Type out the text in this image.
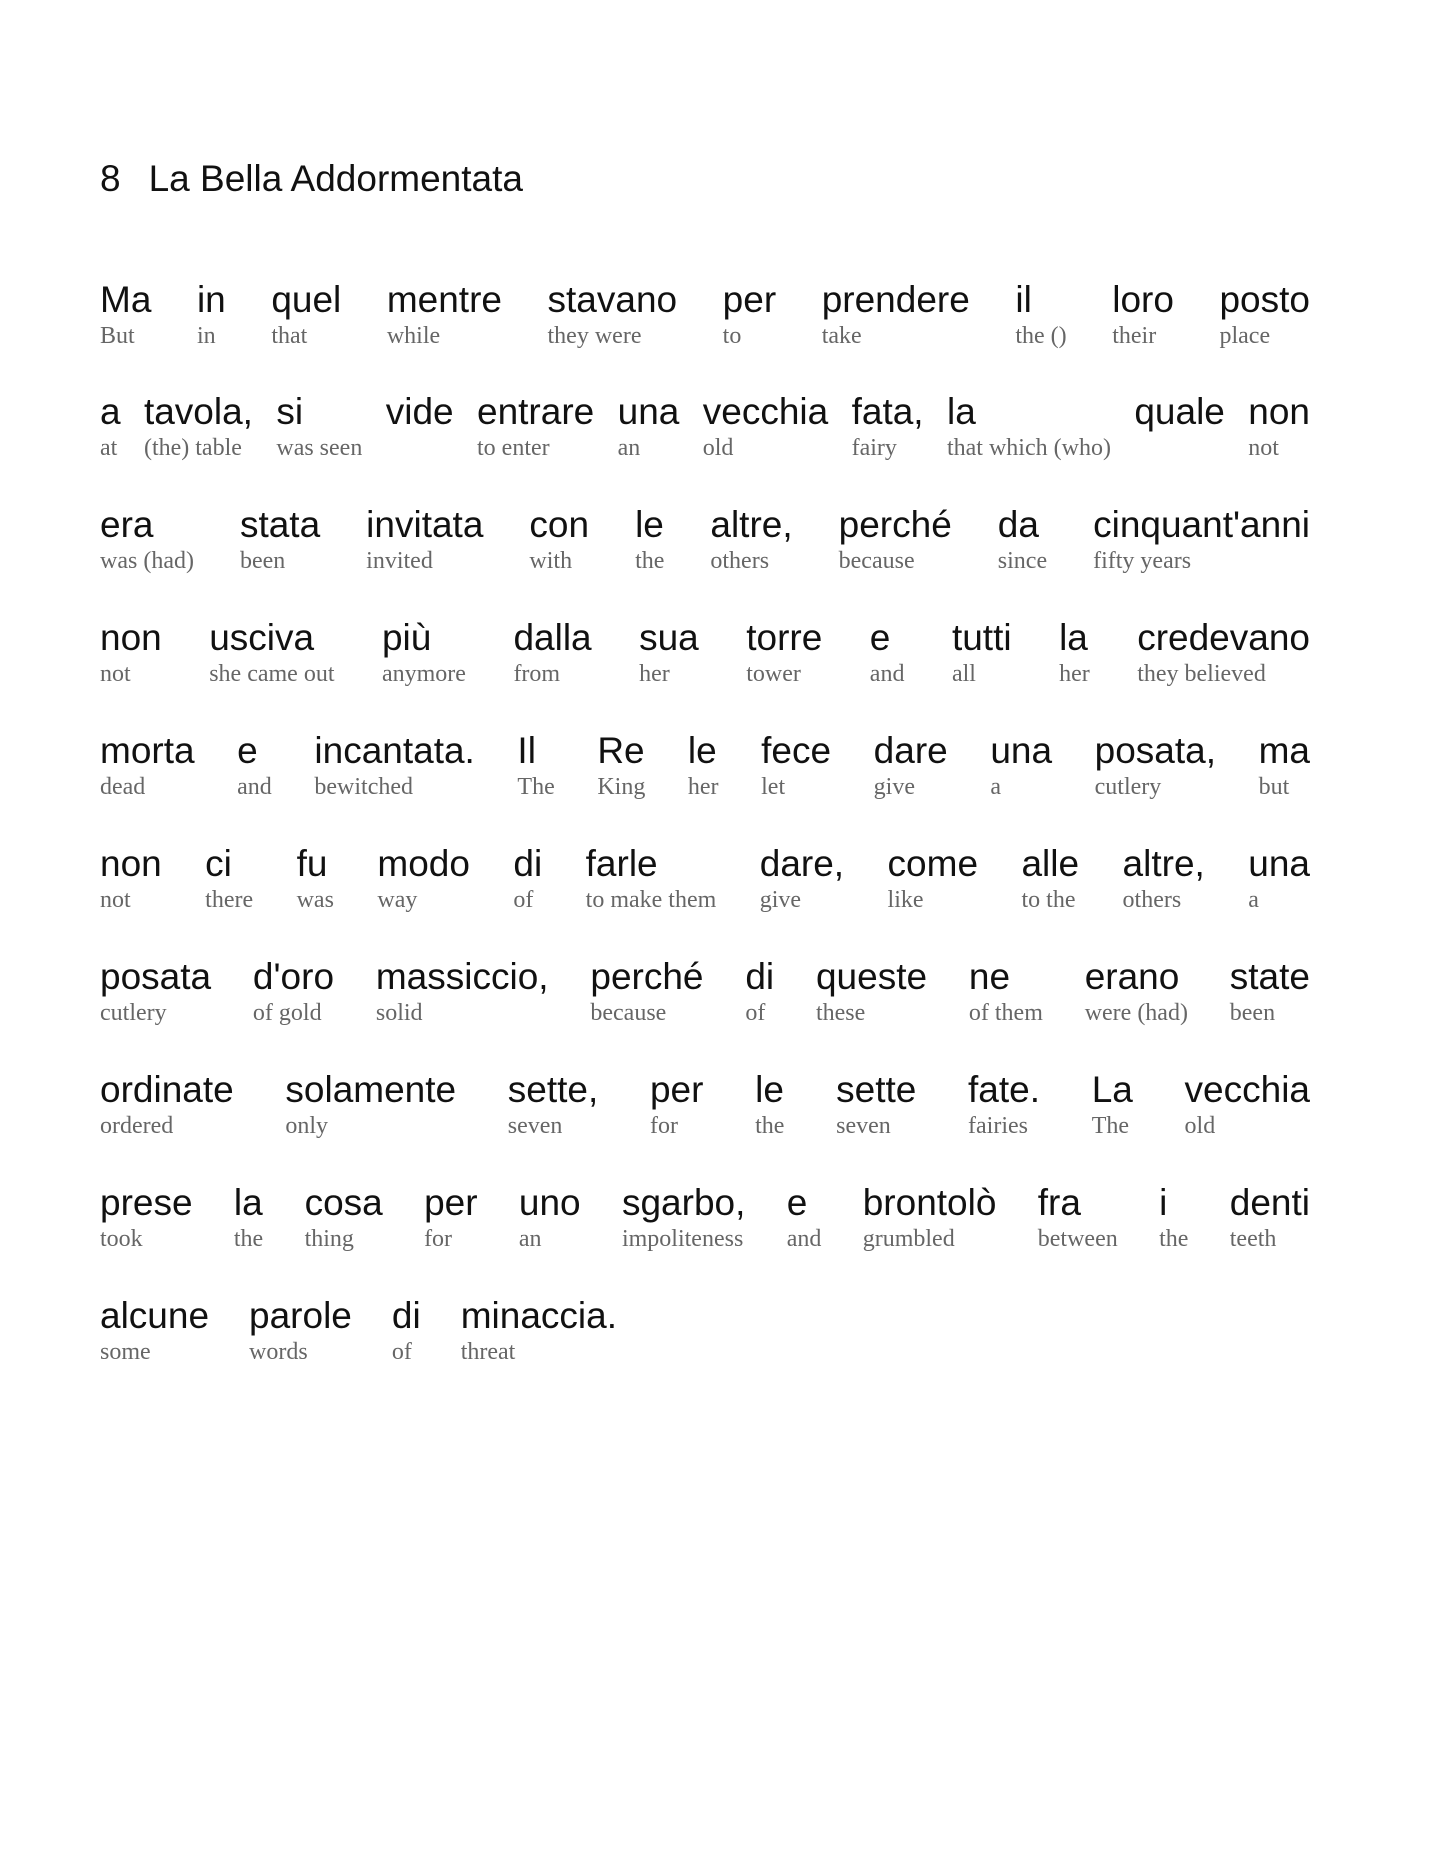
8 La Bella Addormentata
Ma
But
in
in
quel
that
mentre
while
stavano
they were
per
to
prendere
take
il
the ()
loro
their
posto
place
a
at
tavola,
(the) table
si
was seen
vide entrare
to enter
una
an
vecchia
old
fata,
fairy
la
that which (who)
quale non
not
era
was (had)
stata
been
invitata
invited
con
with
le
the
altre,
others
perché
because
da
since
cinquant'anni
fifty years
non
not
usciva
she came out
più
anymore
dalla
from
sua
her
torre
tower
e
and
tutti
all
la
her
credevano
they believed
morta
dead
e
and
incantata.
bewitched
Il
The
Re
King
le
her
fece
let
dare
give
una
a
posata,
cutlery
ma
but
non
not
ci
there
fu
was
modo
way
di
of
farle
to make them
dare,
give
come
like
alle
to the
altre,
others
una
a
posata
cutlery
d'oro
of gold
massiccio,
solid
perché
because
di
of
queste
these
ne
of them
erano
were (had)
state
been
ordinate
ordered
solamente
only
sette,
seven
per
for
le
the
sette
seven
fate.
fairies
La
The
vecchia
old
prese
took
la
the
cosa
thing
per
for
uno
an
sgarbo,
impoliteness
e
and
brontolò
grumbled
fra
between
i
the
denti
teeth
alcune
some
parole
words
di
of
minaccia.
threat
